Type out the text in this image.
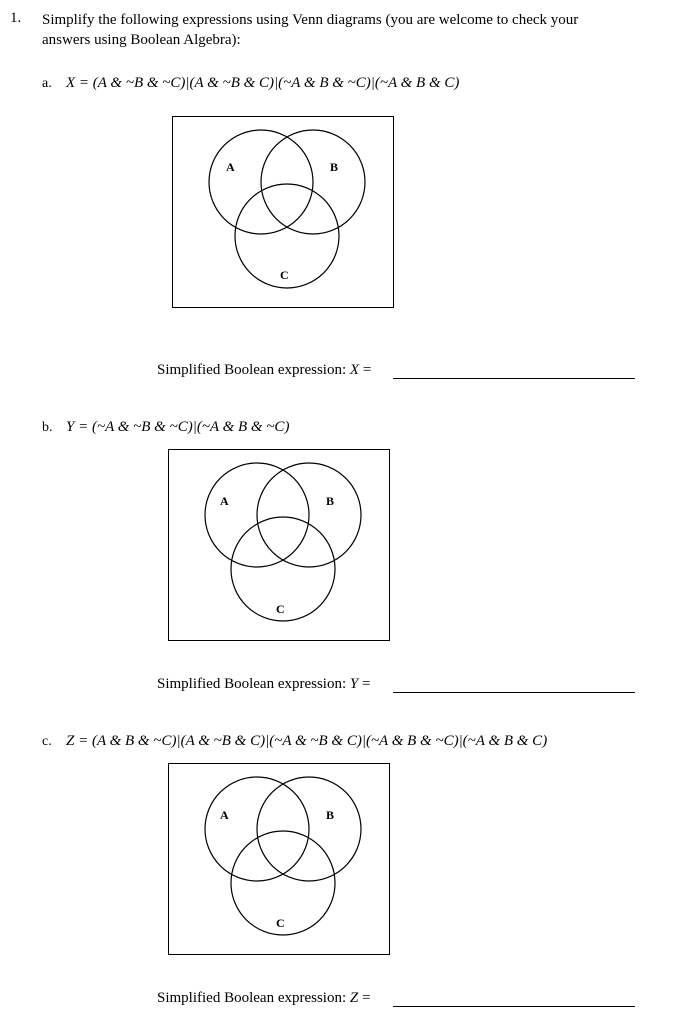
1. Simplify the following expressions using Venn diagrams (you are welcome to check your
answers using Boolean Algebra):
a. X = (A & ~B & ~C)|(A & ~B & C)|(~A & B & ~C)|(~A & B & C)
A	B
C
Simplified Boolean expression: X =
b. Y = (~A & ~B & ~C)|(~A & B & ~C)
A	B
C
Simplified Boolean expression: Y =
c. Z = (A & B & ~C)|(A & ~B & C)|(~A & ~B & C)|(~A & B & ~C)|(~A & B & C)
A	B
C
Simplified Boolean expression: Z =
